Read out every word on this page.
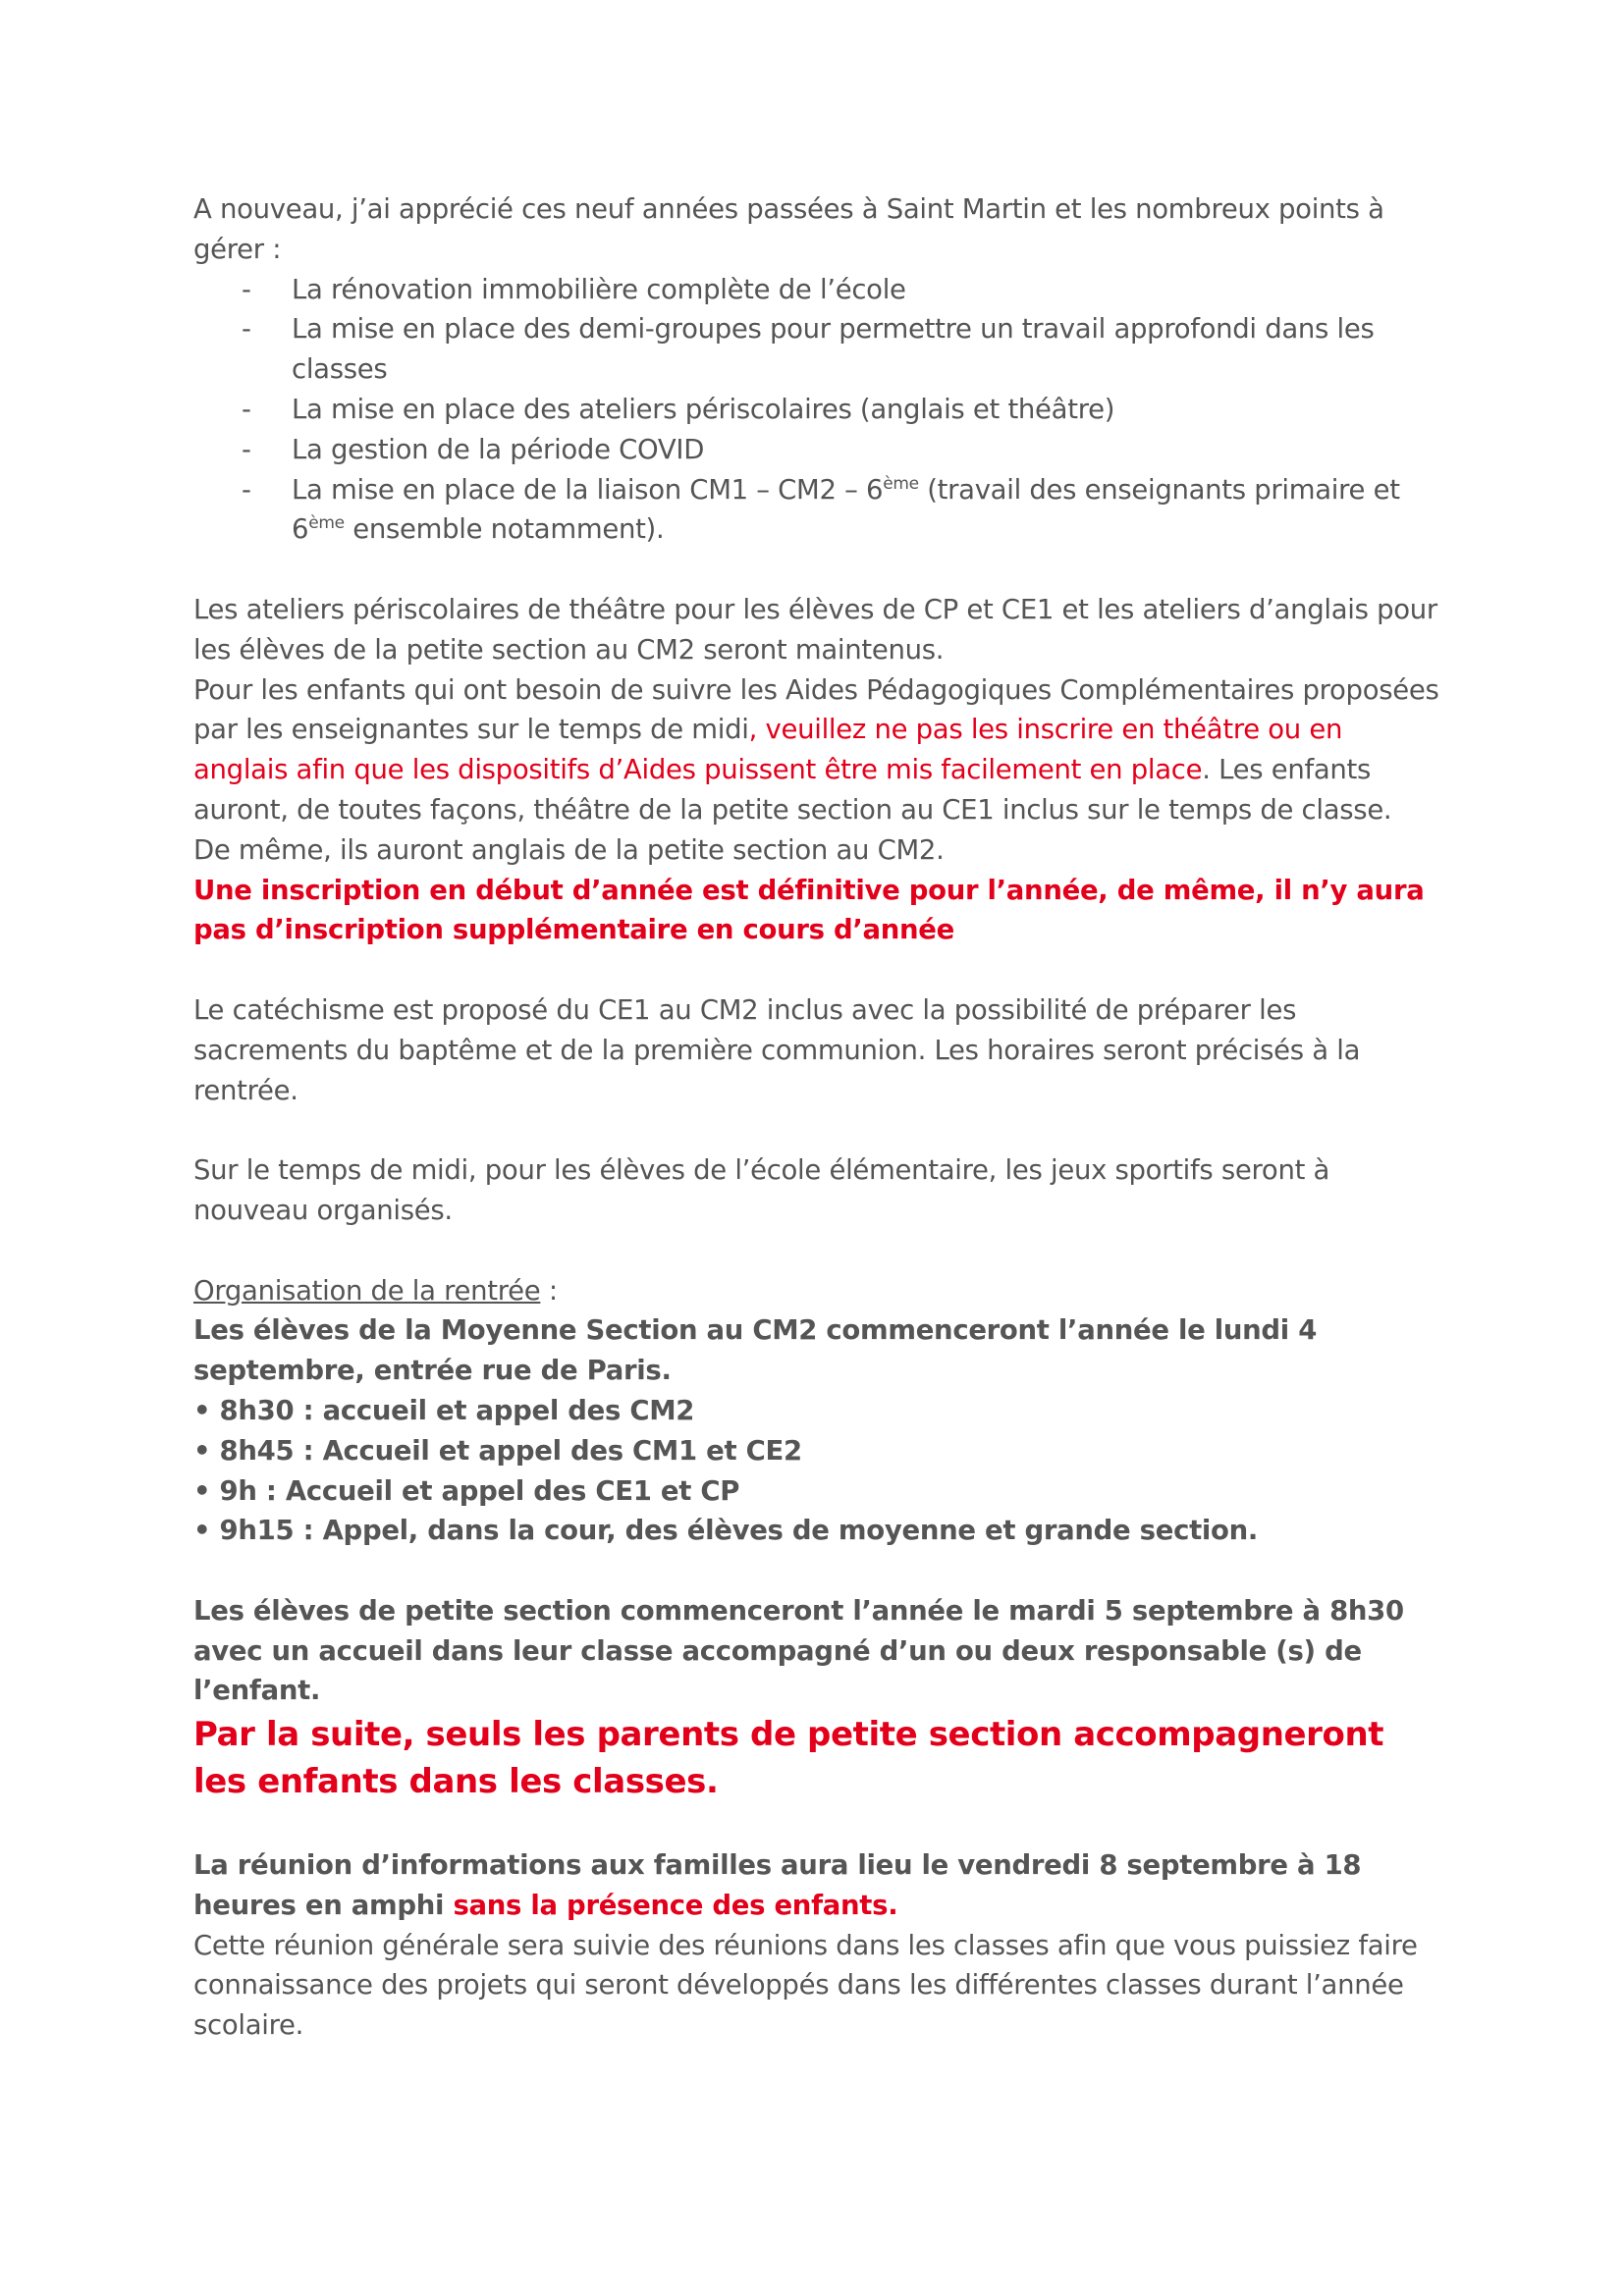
A nouveau, j’ai apprécié ces neuf années passées à Saint Martin et les nombreux points à gérer :

- La rénovation immobilière complète de l’école
- La mise en place des demi-groupes pour permettre un travail approfondi dans les classes
- La mise en place des ateliers périscolaires (anglais et théâtre)
- La gestion de la période COVID
- La mise en place de la liaison CM1 – CM2 – 6ème (travail des enseignants primaire et 6ème ensemble notamment).

Les ateliers périscolaires de théâtre pour les élèves de CP et CE1 et les ateliers d’anglais pour les élèves de la petite section au CM2 seront maintenus.

Pour les enfants qui ont besoin de suivre les Aides Pédagogiques Complémentaires proposées par les enseignantes sur le temps de midi, veuillez ne pas les inscrire en théâtre ou en anglais afin que les dispositifs d’Aides puissent être mis facilement en place. Les enfants auront, de toutes façons, théâtre de la petite section au CE1 inclus sur le temps de classe.

De même, ils auront anglais de la petite section au CM2.

Une inscription en début d’année est définitive pour l’année, de même, il n’y aura pas d’inscription supplémentaire en cours d’année

Le catéchisme est proposé du CE1 au CM2 inclus avec la possibilité de préparer les sacrements du baptême et de la première communion. Les horaires seront précisés à la rentrée.

Sur le temps de midi, pour les élèves de l’école élémentaire, les jeux sportifs seront à nouveau organisés.

Organisation de la rentrée :

Les élèves de la Moyenne Section au CM2 commenceront l’année le lundi 4 septembre, entrée rue de Paris.

• 8h30 : accueil et appel des CM2

• 8h45 : Accueil et appel des CM1 et CE2

• 9h : Accueil et appel des CE1 et CP

• 9h15 : Appel, dans la cour, des élèves de moyenne et grande section.

Les élèves de petite section commenceront l’année le mardi 5 septembre à 8h30 avec un accueil dans leur classe accompagné d’un ou deux responsable (s) de l’enfant.

Par la suite, seuls les parents de petite section accompagneront les enfants dans les classes.

La réunion d’informations aux familles aura lieu le vendredi 8 septembre à 18 heures en amphi sans la présence des enfants.

Cette réunion générale sera suivie des réunions dans les classes afin que vous puissiez faire connaissance des projets qui seront développés dans les différentes classes durant l’année scolaire.
